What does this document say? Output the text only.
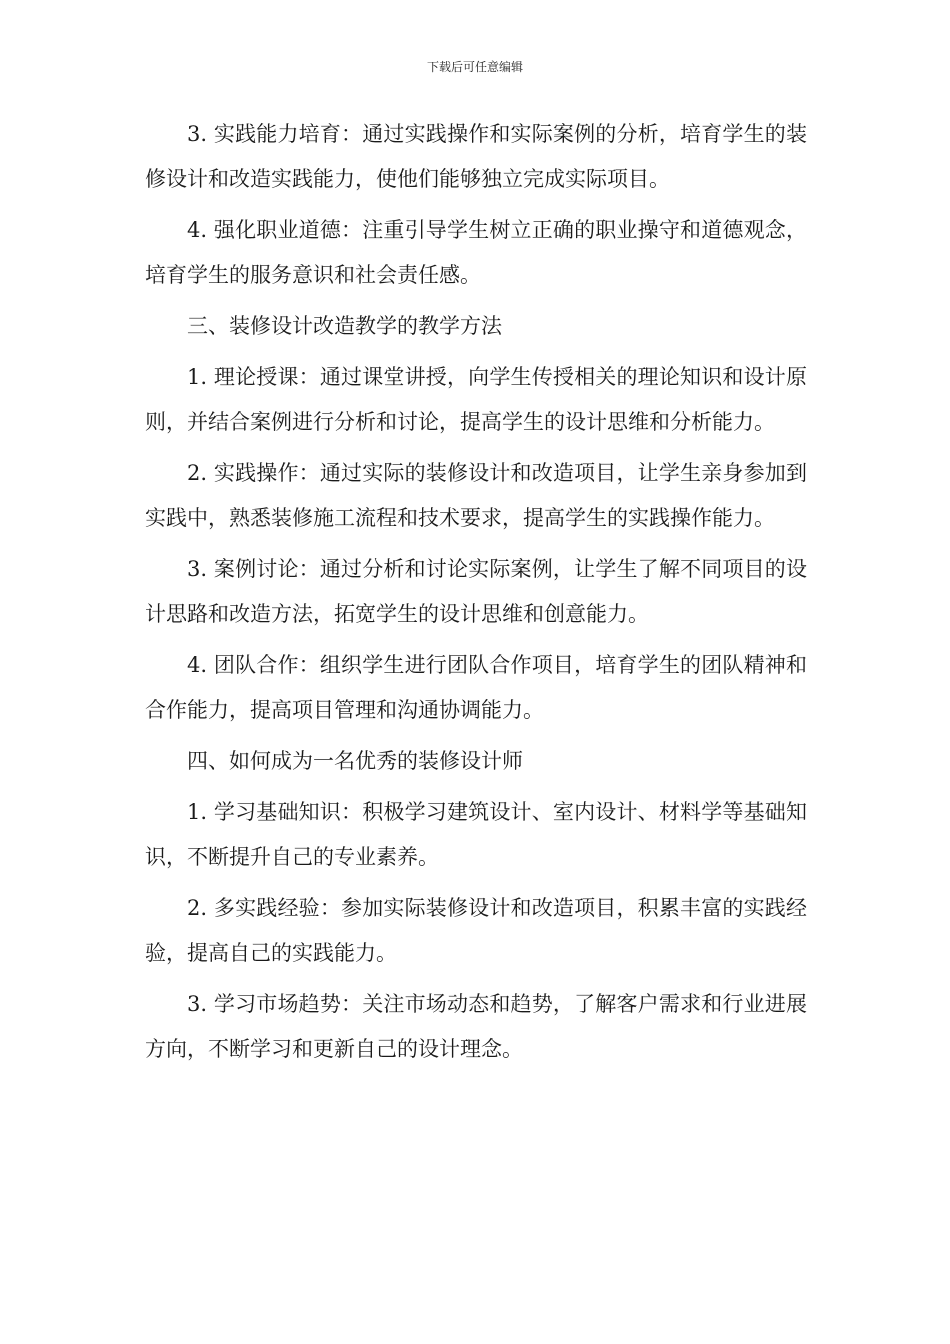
下载后可任意编辑

3. 实践能力培育：通过实践操作和实际案例的分析，培育学生的装修设计和改造实践能力，使他们能够独立完成实际项目。

4. 强化职业道德：注重引导学生树立正确的职业操守和道德观念，培育学生的服务意识和社会责任感。

三、装修设计改造教学的教学方法

1. 理论授课：通过课堂讲授，向学生传授相关的理论知识和设计原则，并结合案例进行分析和讨论，提高学生的设计思维和分析能力。

2. 实践操作：通过实际的装修设计和改造项目，让学生亲身参加到实践中，熟悉装修施工流程和技术要求，提高学生的实践操作能力。

3. 案例讨论：通过分析和讨论实际案例，让学生了解不同项目的设计思路和改造方法，拓宽学生的设计思维和创意能力。

4. 团队合作：组织学生进行团队合作项目，培育学生的团队精神和合作能力，提高项目管理和沟通协调能力。

四、如何成为一名优秀的装修设计师

1. 学习基础知识：积极学习建筑设计、室内设计、材料学等基础知识，不断提升自己的专业素养。

2. 多实践经验：参加实际装修设计和改造项目，积累丰富的实践经验，提高自己的实践能力。

3. 学习市场趋势：关注市场动态和趋势，了解客户需求和行业进展方向，不断学习和更新自己的设计理念。
